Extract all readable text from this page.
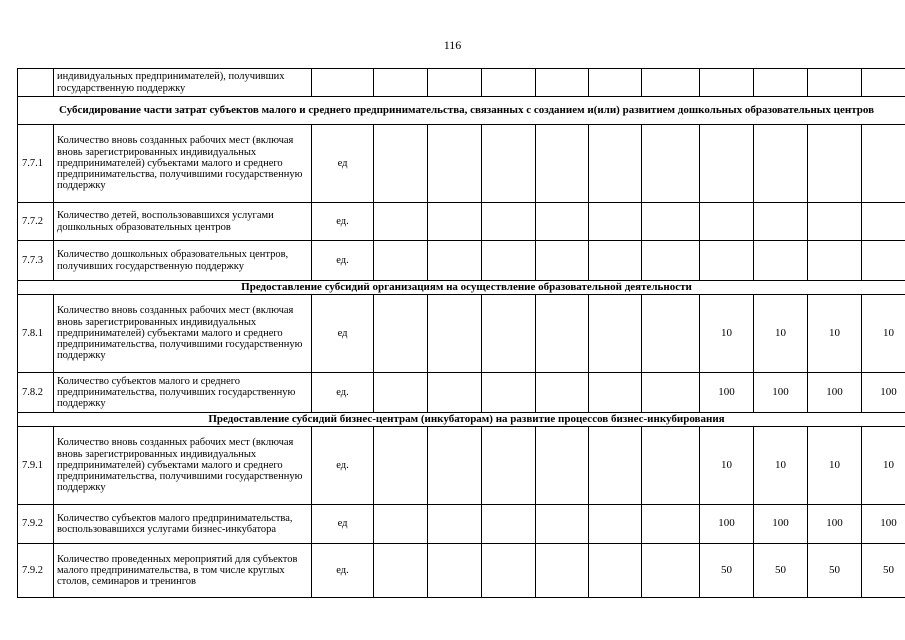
116
	индивидуальных предпринимателей), получивших государственную поддержку											
Субсидирование части затрат субъектов малого и среднего предпринимательства, связанных с созданием и(или) развитием дошкольных образовательных центров												
7.7.1	Количество вновь созданных рабочих мест (включая вновь зарегистрированных индивидуальных предпринимателей) субъектами малого и среднего предпринимательства, получившими государственную поддержку	ед										
7.7.2	Количество детей, воспользовавшихся услугами дошкольных образовательных центров	ед.										
7.7.3	Количество дошкольных образовательных центров, получивших государственную поддержку	ед.										
Предоставление субсидий организациям на осуществление образовательной деятельности												
7.8.1	Количество вновь созданных рабочих мест (включая вновь зарегистрированных индивидуальных предпринимателей) субъектами малого и среднего предпринимательства, получившими государственную поддержку	ед							10	10	10	10
7.8.2	Количество субъектов малого и среднего предпринимательства, получивших государственную поддержку	ед.							100	100	100	100
Предоставление субсидий бизнес-центрам (инкубаторам) на развитие процессов бизнес-инкубирования												
7.9.1	Количество вновь созданных рабочих мест (включая вновь зарегистрированных индивидуальных предпринимателей) субъектами малого и среднего предпринимательства, получившими государственную поддержку	ед.							10	10	10	10
7.9.2	Количество субъектов малого предпринимательства, воспользовавшихся услугами бизнес-инкубатора	ед							100	100	100	100
7.9.2	Количество проведенных мероприятий для субъектов малого предпринимательства, в том числе круглых столов, семинаров и тренингов	ед.							50	50	50	50
